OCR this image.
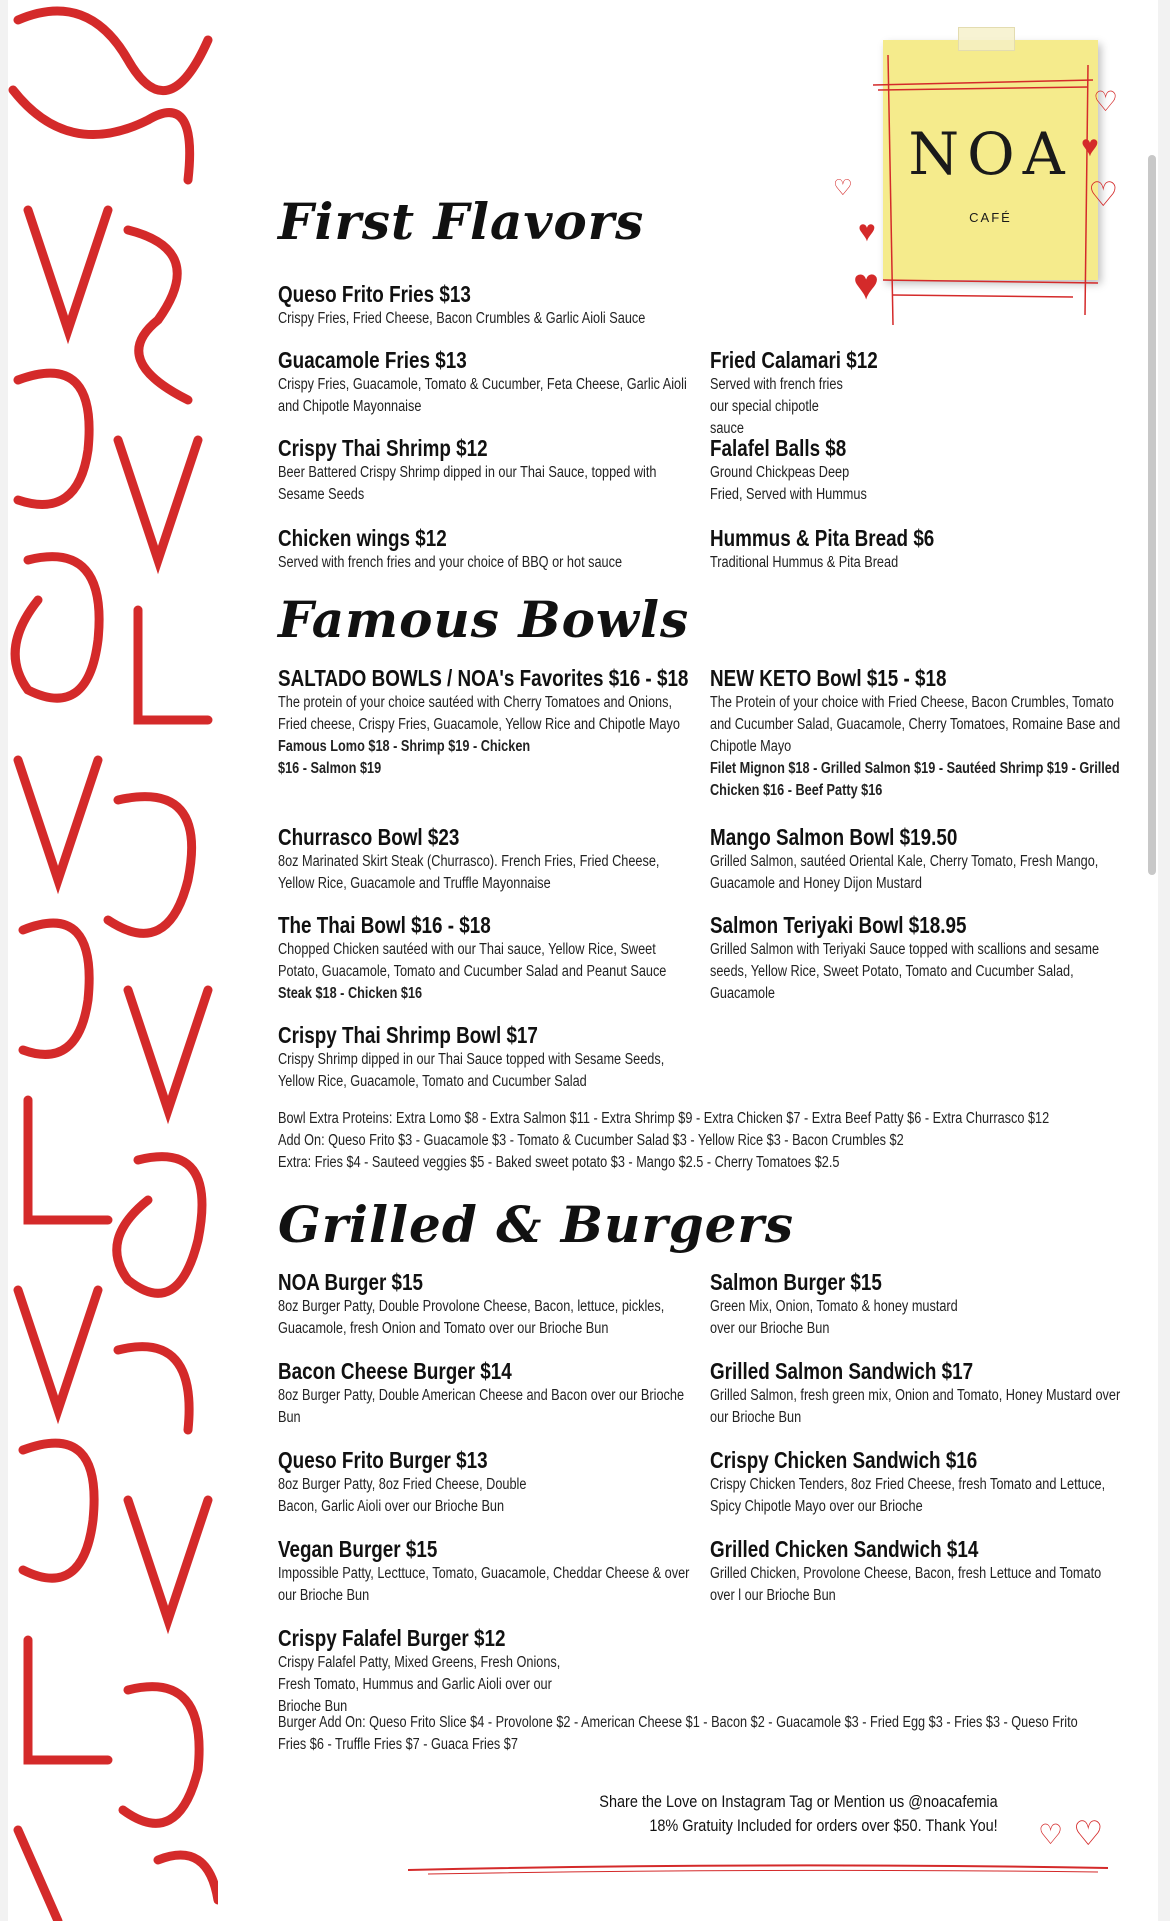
NOA
CAFÉ
♡
♥
♥
♥
♡
♡
First Flavors
Queso Frito Fries $13
Crispy Fries, Fried Cheese, Bacon Crumbles & Garlic Aioli Sauce
Guacamole Fries $13
Crispy Fries, Guacamole, Tomato & Cucumber, Feta Cheese, Garlic Aioli and Chipotle Mayonnaise
Crispy Thai Shrimp $12
Beer Battered Crispy Shrimp dipped in our Thai Sauce, topped with Sesame Seeds
Chicken wings $12
Served with french fries and your choice of BBQ or hot sauce
Fried Calamari $12
Served with french fries our special chipotle sauce
Falafel Balls $8
Ground Chickpeas Deep Fried, Served with Hummus
Hummus & Pita Bread $6
Traditional Hummus & Pita Bread
Famous Bowls
SALTADO BOWLS / NOA's Favorites $16 - $18
The protein of your choice sautéed with Cherry Tomatoes and Onions, Fried cheese, Crispy Fries, Guacamole, Yellow Rice and Chipotle Mayo
Famous Lomo $18 - Shrimp $19 - Chicken $16 - Salmon $19
Churrasco Bowl $23
8oz Marinated Skirt Steak (Churrasco). French Fries, Fried Cheese, Yellow Rice, Guacamole and Truffle Mayonnaise
The Thai Bowl $16 - $18
Chopped Chicken sautéed with our Thai sauce, Yellow Rice, Sweet Potato, Guacamole, Tomato and Cucumber Salad and Peanut Sauce
Steak $18 - Chicken $16
Crispy Thai Shrimp Bowl $17
Crispy Shrimp dipped in our Thai Sauce topped with Sesame Seeds, Yellow Rice, Guacamole, Tomato and Cucumber Salad
NEW KETO Bowl $15 - $18
The Protein of your choice with Fried Cheese, Bacon Crumbles, Tomato and Cucumber Salad, Guacamole, Cherry Tomatoes, Romaine Base and Chipotle Mayo
Filet Mignon $18 - Grilled Salmon $19 - Sautéed Shrimp $19 - Grilled Chicken $16 - Beef Patty $16
Mango Salmon Bowl $19.50
Grilled Salmon, sautéed Oriental Kale, Cherry Tomato, Fresh Mango, Guacamole and Honey Dijon Mustard
Salmon Teriyaki Bowl $18.95
Grilled Salmon with Teriyaki Sauce topped with scallions and sesame seeds, Yellow Rice, Sweet Potato, Tomato and Cucumber Salad, Guacamole
Bowl Extra Proteins: Extra Lomo $8 - Extra Salmon $11 - Extra Shrimp $9 - Extra Chicken $7 - Extra Beef Patty $6 - Extra Churrasco $12
Add On: Queso Frito $3 - Guacamole $3 - Tomato & Cucumber Salad $3 - Yellow Rice $3 - Bacon Crumbles $2
Extra: Fries $4 - Sauteed veggies $5 - Baked sweet potato $3 - Mango $2.5 - Cherry Tomatoes $2.5
Grilled & Burgers
NOA Burger $15
8oz Burger Patty, Double Provolone Cheese, Bacon, lettuce, pickles, Guacamole, fresh Onion and Tomato over our Brioche Bun
Bacon Cheese Burger $14
8oz Burger Patty, Double American Cheese and Bacon over our Brioche Bun
Queso Frito Burger $13
8oz Burger Patty, 8oz Fried Cheese, Double Bacon, Garlic Aioli over our Brioche Bun
Vegan Burger $15
Impossible Patty, Lecttuce, Tomato, Guacamole, Cheddar Cheese & over our Brioche Bun
Crispy Falafel Burger $12
Crispy Falafel Patty, Mixed Greens, Fresh Onions, Fresh Tomato, Hummus and Garlic Aioli over our Brioche Bun
Salmon Burger $15
Green Mix, Onion, Tomato & honey mustard over our Brioche Bun
Grilled Salmon Sandwich $17
Grilled Salmon, fresh green mix, Onion and Tomato, Honey Mustard over our Brioche Bun
Crispy Chicken Sandwich $16
Crispy Chicken Tenders, 8oz Fried Cheese, fresh Tomato and Lettuce, Spicy Chipotle Mayo over our Brioche
Grilled Chicken Sandwich $14
Grilled Chicken, Provolone Cheese, Bacon, fresh Lettuce and Tomato over l our Brioche Bun
Burger Add On: Queso Frito Slice $4 - Provolone $2 - American Cheese $1 - Bacon $2 - Guacamole $3 - Fried Egg $3 - Fries $3 - Queso Frito Fries $6 - Truffle Fries $7 - Guaca Fries $7
Share the Love on Instagram Tag or Mention us @noacafemia
18% Gratuity Included for orders over $50. Thank You! ♡ ♡
